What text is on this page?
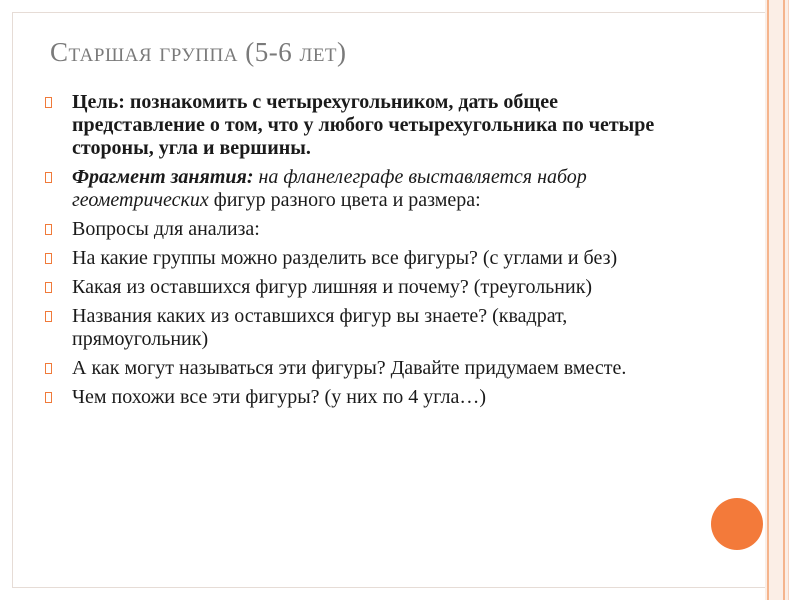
Старшая группа (5-6 лет)
Цель: познакомить с четырехугольником, дать общее представление о том, что у любого четырехугольника по четыре стороны, угла и вершины.
Фрагмент занятия: на фланелеграфе выставляется набор геометрических фигур разного цвета и размера:
Вопросы для анализа:
На какие группы можно разделить все фигуры? (с углами и без)
Какая из оставшихся фигур лишняя и почему? (треугольник)
Названия каких из оставшихся фигур вы знаете? (квадрат, прямоугольник)
А как могут называться эти фигуры? Давайте придумаем вместе.
Чем похожи все эти фигуры? (у них по 4 угла…)
